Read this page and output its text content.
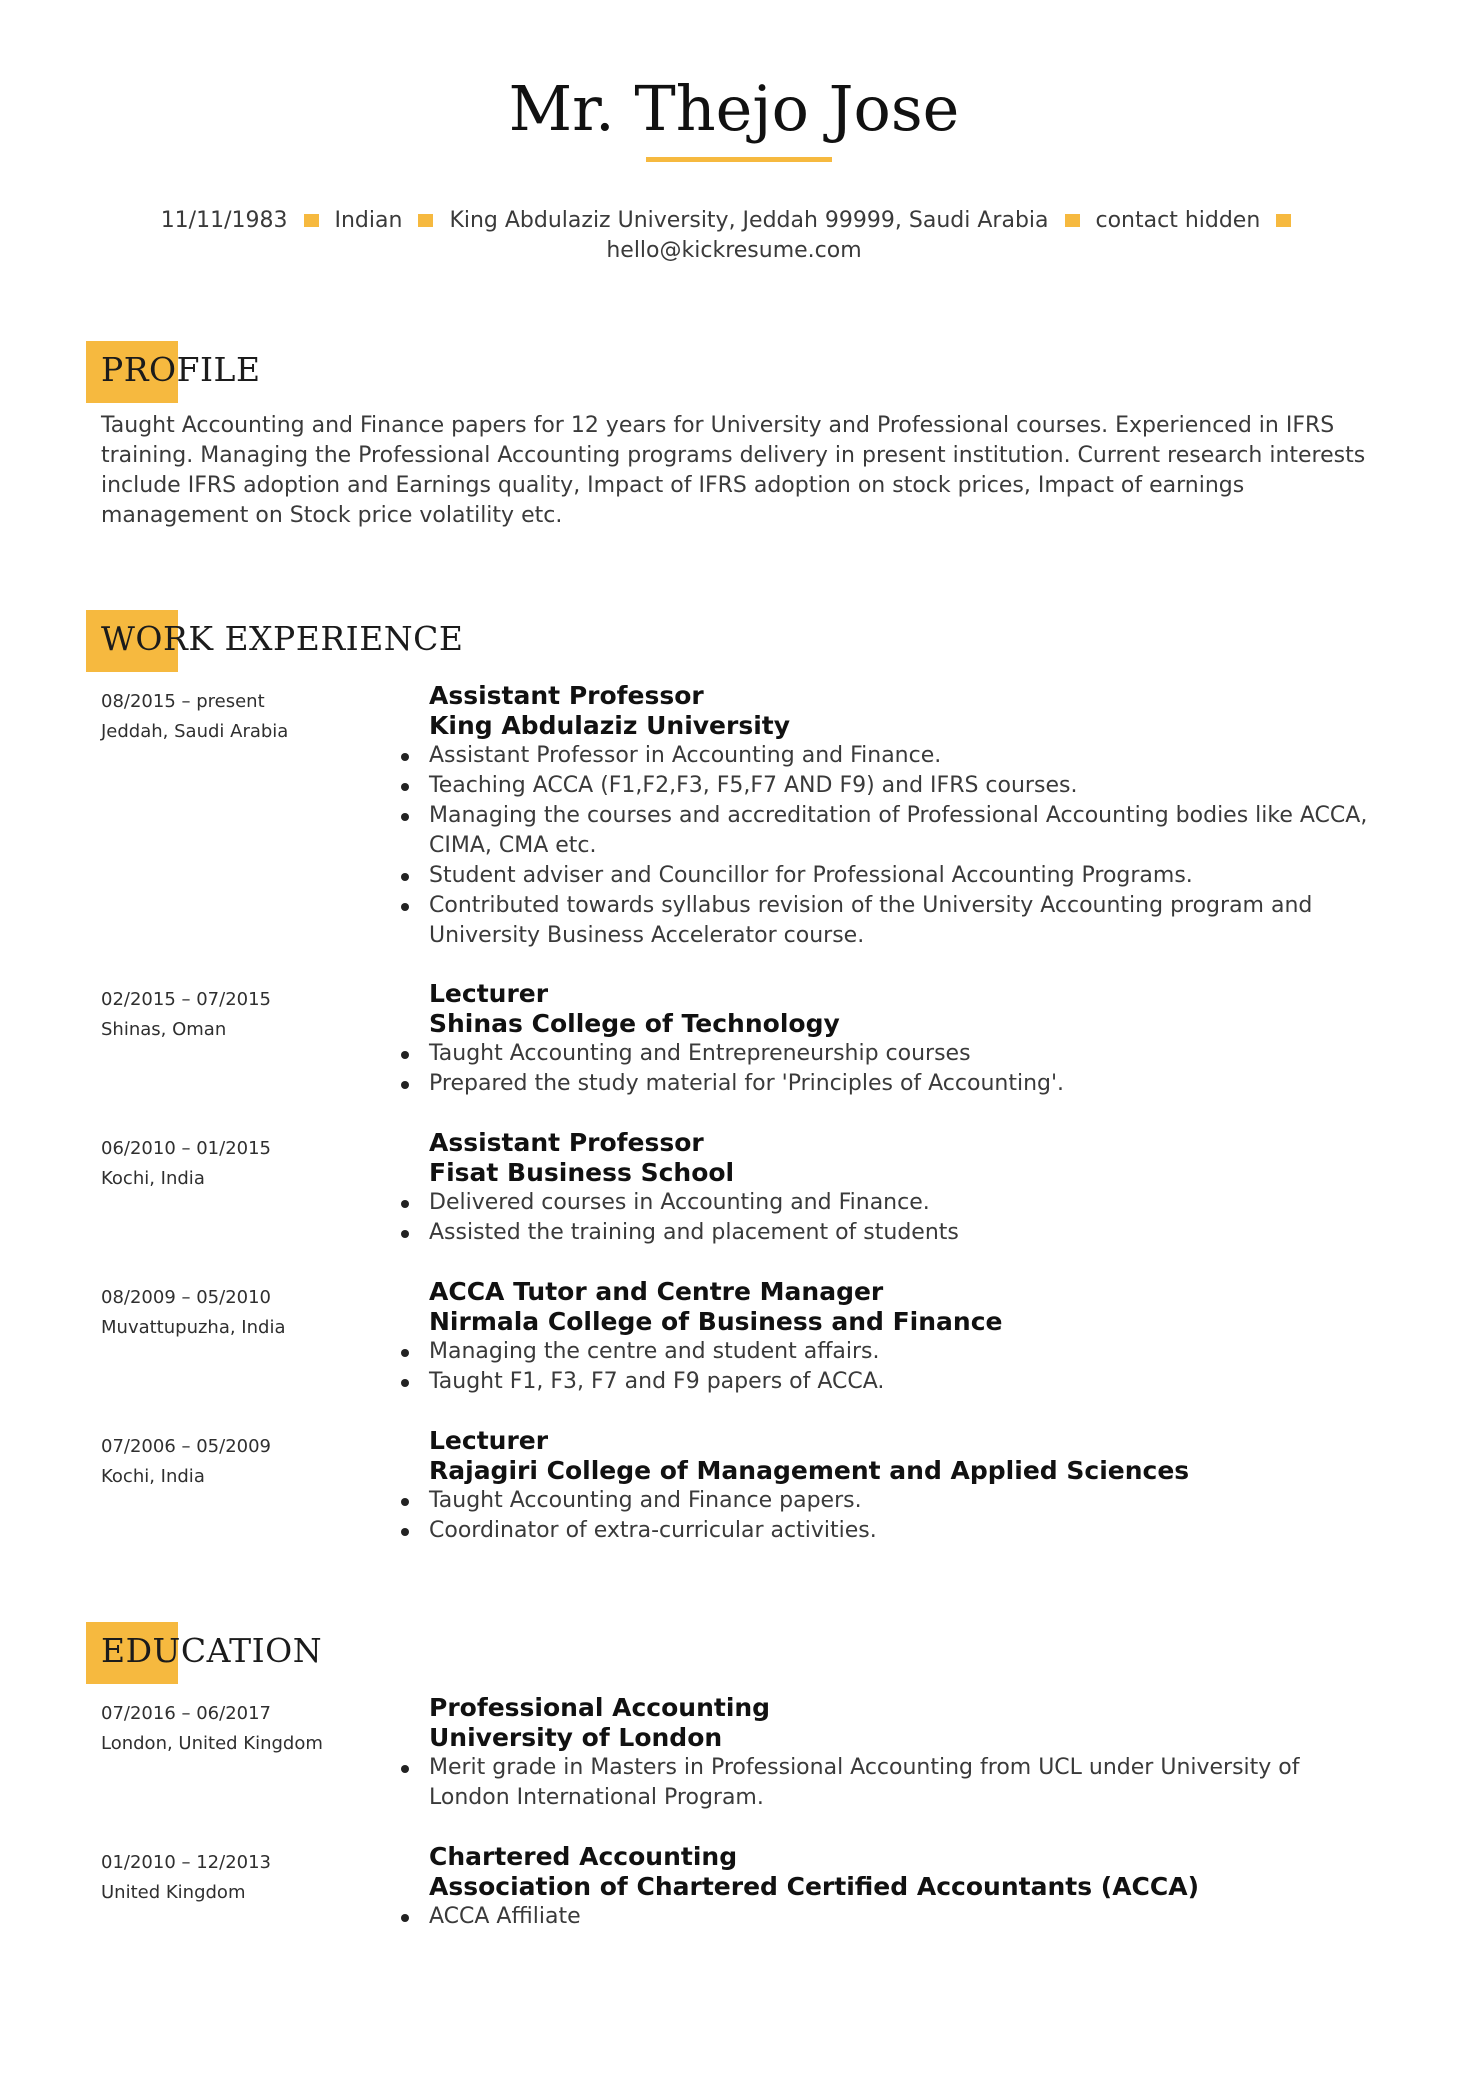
Mr. Thejo Jose
11/11/1983 Indian King Abdulaziz University, Jeddah 99999, Saudi Arabia contact hidden
hello@kickresume.com
PROFILE
Taught Accounting and Finance papers for 12 years for University and Professional courses. Experienced in IFRS training. Managing the Professional Accounting programs delivery in present institution. Current research interests include IFRS adoption and Earnings quality, Impact of IFRS adoption on stock prices, Impact of earnings management on Stock price volatility etc.
WORK EXPERIENCE
08/2015 – present
Jeddah, Saudi Arabia
Assistant Professor
King Abdulaziz University
Assistant Professor in Accounting and Finance.
Teaching ACCA (F1,F2,F3, F5,F7 AND F9) and IFRS courses.
Managing the courses and accreditation of Professional Accounting bodies like ACCA, CIMA, CMA etc.
Student adviser and Councillor for Professional Accounting Programs.
Contributed towards syllabus revision of the University Accounting program and University Business Accelerator course.
02/2015 – 07/2015
Shinas, Oman
Lecturer
Shinas College of Technology
Taught Accounting and Entrepreneurship courses
Prepared the study material for 'Principles of Accounting'.
06/2010 – 01/2015
Kochi, India
Assistant Professor
Fisat Business School
Delivered courses in Accounting and Finance.
Assisted the training and placement of students
08/2009 – 05/2010
Muvattupuzha, India
ACCA Tutor and Centre Manager
Nirmala College of Business and Finance
Managing the centre and student affairs.
Taught F1, F3, F7 and F9 papers of ACCA.
07/2006 – 05/2009
Kochi, India
Lecturer
Rajagiri College of Management and Applied Sciences
Taught Accounting and Finance papers.
Coordinator of extra-curricular activities.
EDUCATION
07/2016 – 06/2017
London, United Kingdom
Professional Accounting
University of London
Merit grade in Masters in Professional Accounting from UCL under University of London International Program.
01/2010 – 12/2013
United Kingdom
Chartered Accounting
Association of Chartered Certified Accountants (ACCA)
ACCA Affiliate
